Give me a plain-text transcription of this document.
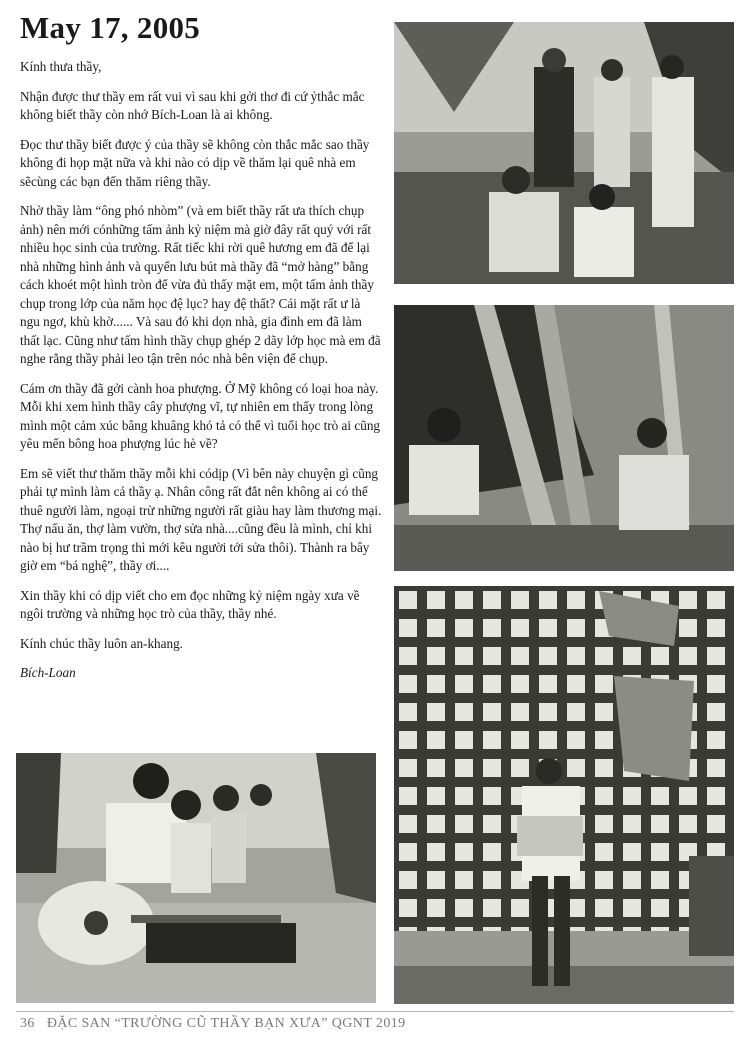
May 17, 2005

Kính thưa thầy,

Nhận được thư thầy em rất vui vì sau khi gởi thơ đi cứ ỷthắc mắc không biết thầy còn nhớ Bích-Loan là ai không.

Đọc thư thầy biết được ý của thầy sẽ không còn thắc mắc sao thầy không đi họp mặt nữa và khi nào có dịp về thăm lại quê nhà em sẽcùng các bạn đến thăm riêng thầy.

Nhờ thầy làm “ông phó nhòm” (và em biết thầy rất ưa thích chụp ảnh) nên mới cónhững tấm ảnh kỷ niệm mà giờ đây rất quý với rất nhiều học sinh của trường. Rất tiếc khi rời quê hương em đã để lại nhà những hình ảnh và quyển lưu bút mà thầy đã “mở hàng” bằng cách khoét một hình tròn để vừa đủ thấy mặt em, một tấm ảnh thầy chụp trong lớp của năm học đệ lục? hay đệ thất? Cái mặt rất ư là ngu ngơ, khù khờ...... Và sau đó khi dọn nhà, gia đình em đã làm thất lạc. Cũng như tấm hình thầy chụp ghép 2 dãy lớp học mà em đã nghe rằng thầy phải leo tận trên nóc nhà bên viện để chụp.

Cám ơn thầy đã gởi cành hoa phượng. Ở Mỹ không có loại hoa này. Mỗi khi xem hình thầy cây phượng vĩ, tự nhiên em thấy trong lòng mình một cảm xúc bâng khuâng khó tả có thể vì tuổi học trò ai cũng yêu mến bông hoa phượng lúc hè về?

Em sẽ viết thư thăm thầy mỗi khi códịp (Vì bên này chuyện gì cũng phải tự mình làm cả thầy ạ. Nhân công rất đắt nên không ai có thể thuê người làm, ngoại trừ những người rất giàu hay làm thương mại. Thợ nấu ăn, thợ làm vườn, thợ sửa nhà....cũng đều là mình, chỉ khi nào bị hư trầm trọng thì mới kêu người tới sửa thôi). Thành ra bây giờ em “bá nghệ”, thầy ơi....

Xin thầy khi có dịp viết cho em đọc những kỷ niệm ngày xưa về ngôi trường và những học trò của thầy, thầy nhé.

Kính chúc thầy luôn an-khang.

Bích-Loan

36 ĐẶC SAN “TRƯỜNG CŨ THẦY BẠN XƯA” QGNT 2019
